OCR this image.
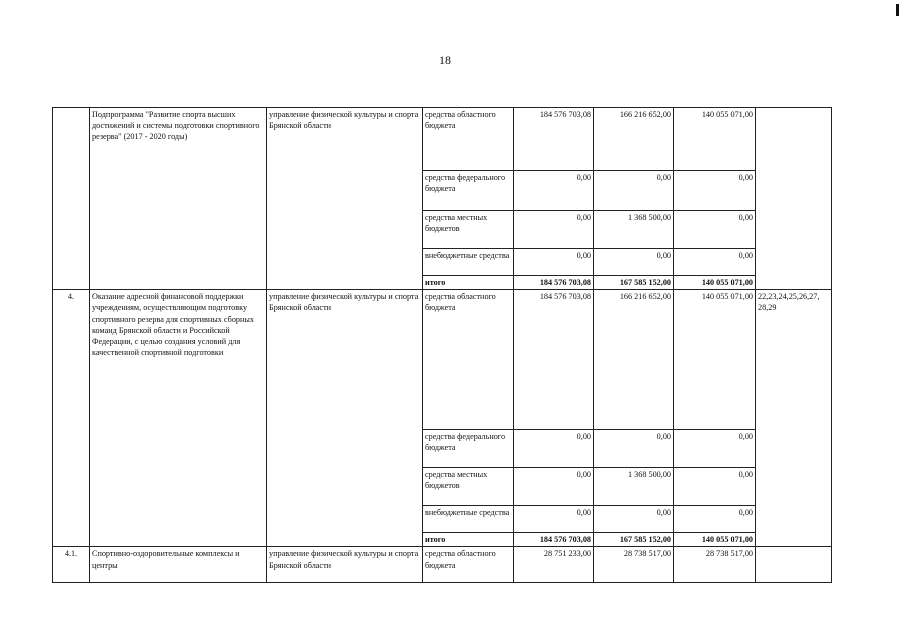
18
	Подпрограмма "Развитие спорта высших достижений и системы подготовки спортивного резерва" (2017 - 2020 годы)	управление физической культуры и спорта Брянской области	средства областного бюджета	184 576 703,08	166 216 652,00	140 055 071,00	
			средства федерального бюджета	0,00	0,00	0,00	
			средства местных бюджетов	0,00	1 368 500,00	0,00	
			внебюджетные средства	0,00	0,00	0,00	
			итого	184 576 703,08	167 585 152,00	140 055 071,00	
4.	Оказание адресной финансовой поддержки учреждениям, осуществляющим подготовку спортивного резерва для спортивных сборных команд Брянской области и Российской Федерации, с целью создания условий для качественной спортивной подготовки	управление физической культуры и спорта Брянской области	средства областного бюджета	184 576 703,08	166 216 652,00	140 055 071,00	22,23,24,25,26,27, 28,29
			средства федерального бюджета	0,00	0,00	0,00	
			средства местных бюджетов	0,00	1 368 500,00	0,00	
			внебюджетные средства	0,00	0,00	0,00	
			итого	184 576 703,08	167 585 152,00	140 055 071,00	
4.1.	Спортивно-оздоровительные комплексы и центры	управление физической культуры и спорта Брянской области	средства областного бюджета	28 751 233,00	28 738 517,00	28 738 517,00	
